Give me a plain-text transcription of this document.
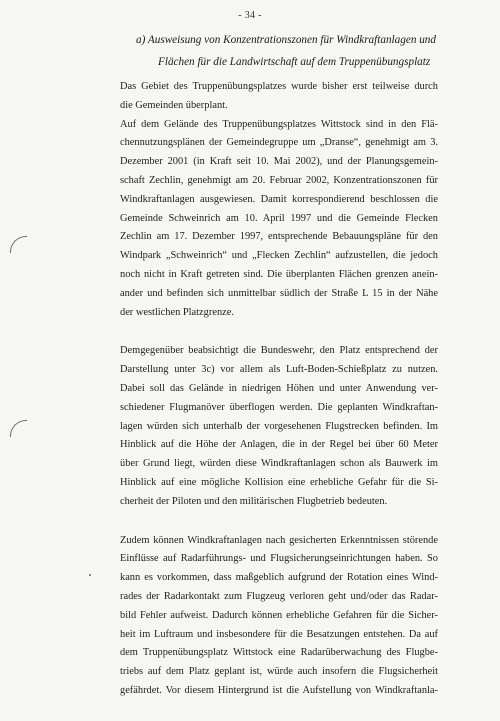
- 34 -
a) Ausweisung von Konzentrationszonen für Windkraftanlagen und
Flächen für die Landwirtschaft auf dem Truppenübungsplatz
Das Gebiet des Truppenübungsplatzes wurde bisher erst teilweise durch
die Gemeinden überplant.
Auf dem Gelände des Truppenübungsplatzes Wittstock sind in den Flä-
chennutzungsplänen der Gemeindegruppe um „Dranse“, genehmigt am 3.
Dezember 2001 (in Kraft seit 10. Mai 2002), und der Planungsgemein-
schaft Zechlin, genehmigt am 20. Februar 2002, Konzentrationszonen für
Windkraftanlagen ausgewiesen. Damit korrespondierend beschlossen die
Gemeinde Schweinrich am 10. April 1997 und die Gemeinde Flecken
Zechlin am 17. Dezember 1997, entsprechende Bebauungspläne für den
Windpark „Schweinrich“ und „Flecken Zechlin“ aufzustellen, die jedoch
noch nicht in Kraft getreten sind. Die überplanten Flächen grenzen anein-
ander und befinden sich unmittelbar südlich der Straße L 15 in der Nähe
der westlichen Platzgrenze.
Demgegenüber beabsichtigt die Bundeswehr, den Platz entsprechend der
Darstellung unter 3c) vor allem als Luft-Boden-Schießplatz zu nutzen.
Dabei soll das Gelände in niedrigen Höhen und unter Anwendung ver-
schiedener Flugmanöver überflogen werden. Die geplanten Windkraftan-
lagen würden sich unterhalb der vorgesehenen Flugstrecken befinden. Im
Hinblick auf die Höhe der Anlagen, die in der Regel bei über 60 Meter
über Grund liegt, würden diese Windkraftanlagen schon als Bauwerk im
Hinblick auf eine mögliche Kollision eine erhebliche Gefahr für die Si-
cherheit der Piloten und den militärischen Flugbetrieb bedeuten.
Zudem können Windkraftanlagen nach gesicherten Erkenntnissen störende
Einflüsse auf Radarführungs- und Flugsicherungseinrichtungen haben. So
kann es vorkommen, dass maßgeblich aufgrund der Rotation eines Wind-
rades der Radarkontakt zum Flugzeug verloren geht und/oder das Radar-
bild Fehler aufweist. Dadurch können erhebliche Gefahren für die Sicher-
heit im Luftraum und insbesondere für die Besatzungen entstehen. Da auf
dem Truppenübungsplatz Wittstock eine Radarüberwachung des Flugbe-
triebs auf dem Platz geplant ist, würde auch insofern die Flugsicherheit
gefährdet. Vor diesem Hintergrund ist die Aufstellung von Windkraftanla-
